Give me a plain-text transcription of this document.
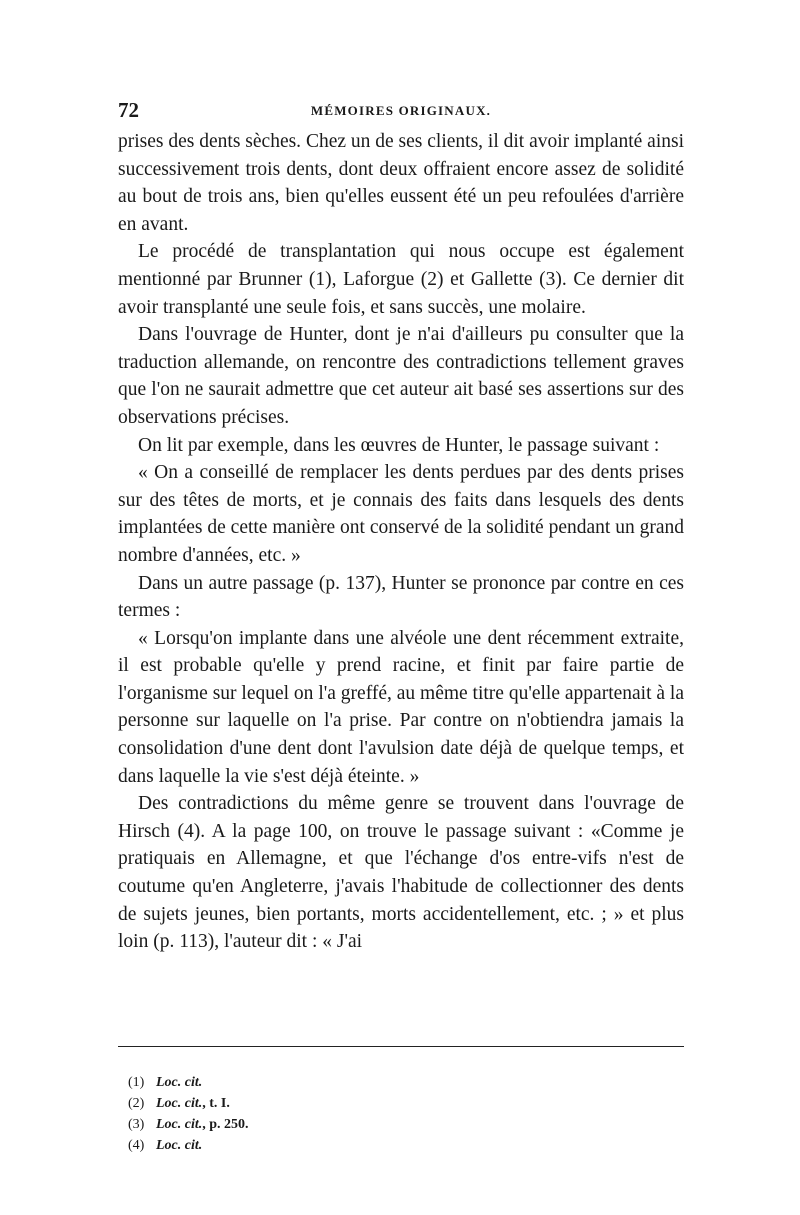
72	MÉMOIRES ORIGINAUX.

prises des dents sèches. Chez un de ses clients, il dit avoir implanté ainsi successivement trois dents, dont deux offraient encore assez de solidité au bout de trois ans, bien qu'elles eussent été un peu refoulées d'arrière en avant.

Le procédé de transplantation qui nous occupe est également mentionné par Brunner (1), Laforgue (2) et Gallette (3). Ce dernier dit avoir transplanté une seule fois, et sans succès, une molaire.

Dans l'ouvrage de Hunter, dont je n'ai d'ailleurs pu consulter que la traduction allemande, on rencontre des contradictions tellement graves que l'on ne saurait admettre que cet auteur ait basé ses assertions sur des observations précises.

On lit par exemple, dans les œuvres de Hunter, le passage suivant :

« On a conseillé de remplacer les dents perdues par des dents prises sur des têtes de morts, et je connais des faits dans lesquels des dents implantées de cette manière ont conservé de la solidité pendant un grand nombre d'années, etc. »

Dans un autre passage (p. 137), Hunter se prononce par contre en ces termes :

« Lorsqu'on implante dans une alvéole une dent récemment extraite, il est probable qu'elle y prend racine, et finit par faire partie de l'organisme sur lequel on l'a greffé, au même titre qu'elle appartenait à la personne sur laquelle on l'a prise. Par contre on n'obtiendra jamais la consolidation d'une dent dont l'avulsion date déjà de quelque temps, et dans laquelle la vie s'est déjà éteinte. »

Des contradictions du même genre se trouvent dans l'ouvrage de Hirsch (4). A la page 100, on trouve le passage suivant : «Comme je pratiquais en Allemagne, et que l'échange d'os entre-vifs n'est de coutume qu'en Angleterre, j'avais l'habitude de collectionner des dents de sujets jeunes, bien portants, morts accidentellement, etc. ; » et plus loin (p. 113), l'auteur dit : « J'ai

(1) Loc. cit.
(2) Loc. cit., t. I.
(3) Loc. cit., p. 250.
(4) Loc. cit.
